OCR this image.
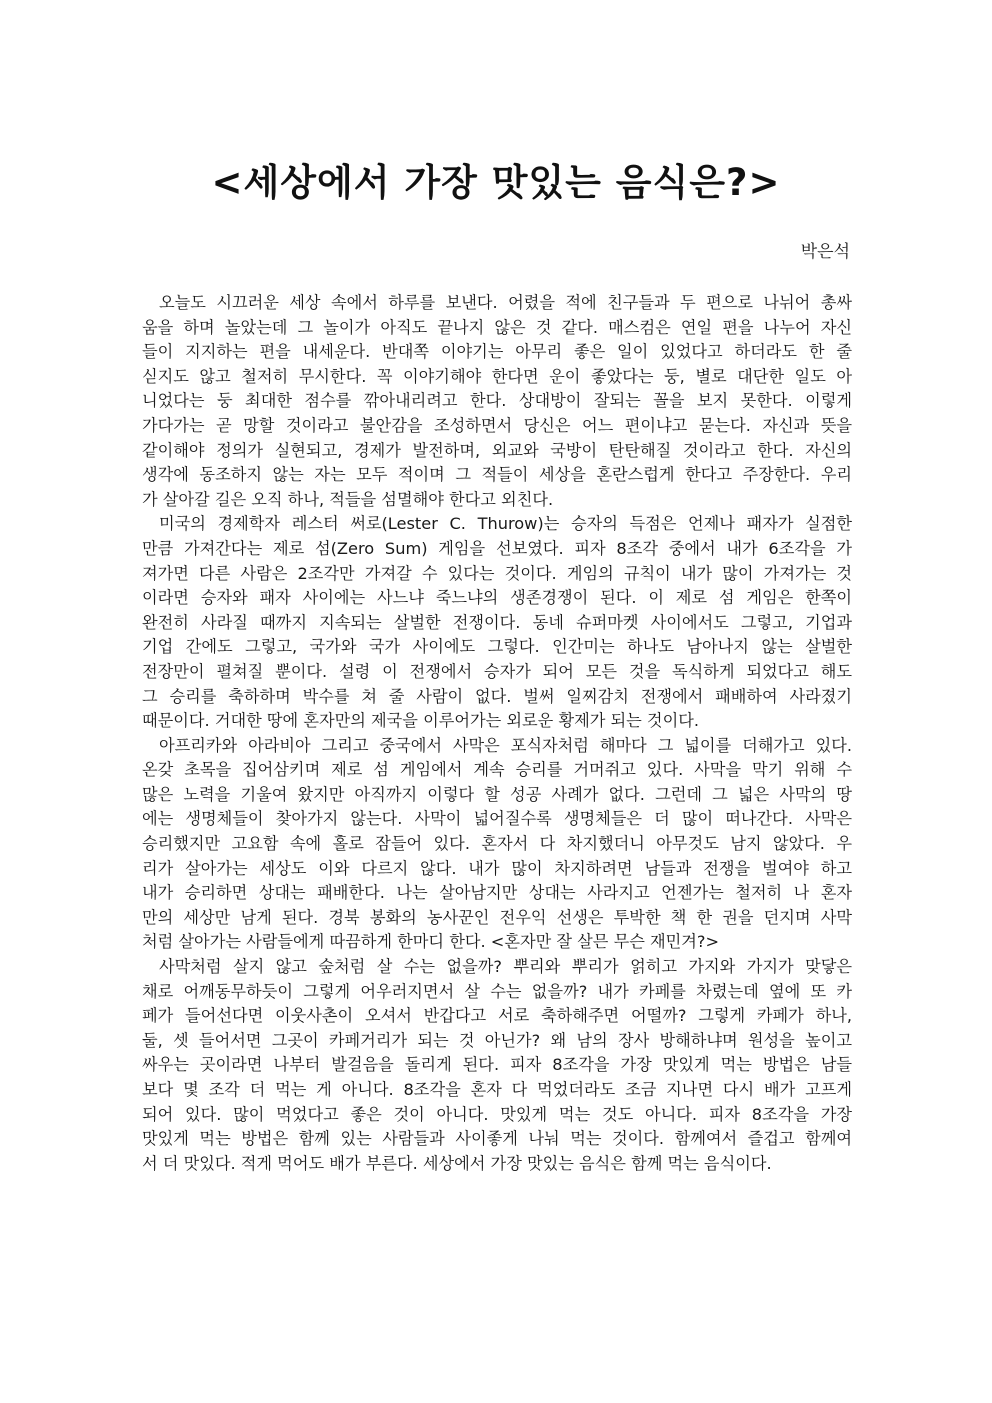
<세상에서 가장 맛있는 음식은?>
박은석
오늘도 시끄러운 세상 속에서 하루를 보낸다. 어렸을 적에 친구들과 두 편으로 나뉘어 총싸
움을 하며 놀았는데 그 놀이가 아직도 끝나지 않은 것 같다. 매스컴은 연일 편을 나누어 자신
들이 지지하는 편을 내세운다. 반대쪽 이야기는 아무리 좋은 일이 있었다고 하더라도 한 줄
싣지도 않고 철저히 무시한다. 꼭 이야기해야 한다면 운이 좋았다는 둥, 별로 대단한 일도 아
니었다는 둥 최대한 점수를 깎아내리려고 한다. 상대방이 잘되는 꼴을 보지 못한다. 이렇게
가다가는 곧 망할 것이라고 불안감을 조성하면서 당신은 어느 편이냐고 묻는다. 자신과 뜻을
같이해야 정의가 실현되고, 경제가 발전하며, 외교와 국방이 탄탄해질 것이라고 한다. 자신의
생각에 동조하지 않는 자는 모두 적이며 그 적들이 세상을 혼란스럽게 한다고 주장한다. 우리
가 살아갈 길은 오직 하나, 적들을 섬멸해야 한다고 외친다.
미국의 경제학자 레스터 써로(Lester C. Thurow)는 승자의 득점은 언제나 패자가 실점한
만큼 가져간다는 제로 섬(Zero Sum) 게임을 선보였다. 피자 8조각 중에서 내가 6조각을 가
져가면 다른 사람은 2조각만 가져갈 수 있다는 것이다. 게임의 규칙이 내가 많이 가져가는 것
이라면 승자와 패자 사이에는 사느냐 죽느냐의 생존경쟁이 된다. 이 제로 섬 게임은 한쪽이
완전히 사라질 때까지 지속되는 살벌한 전쟁이다. 동네 슈퍼마켓 사이에서도 그렇고, 기업과
기업 간에도 그렇고, 국가와 국가 사이에도 그렇다. 인간미는 하나도 남아나지 않는 살벌한
전장만이 펼쳐질 뿐이다. 설령 이 전쟁에서 승자가 되어 모든 것을 독식하게 되었다고 해도
그 승리를 축하하며 박수를 쳐 줄 사람이 없다. 벌써 일찌감치 전쟁에서 패배하여 사라졌기
때문이다. 거대한 땅에 혼자만의 제국을 이루어가는 외로운 황제가 되는 것이다.
아프리카와 아라비아 그리고 중국에서 사막은 포식자처럼 해마다 그 넓이를 더해가고 있다.
온갖 초목을 집어삼키며 제로 섬 게임에서 계속 승리를 거머쥐고 있다. 사막을 막기 위해 수
많은 노력을 기울여 왔지만 아직까지 이렇다 할 성공 사례가 없다. 그런데 그 넓은 사막의 땅
에는 생명체들이 찾아가지 않는다. 사막이 넓어질수록 생명체들은 더 많이 떠나간다. 사막은
승리했지만 고요함 속에 홀로 잠들어 있다. 혼자서 다 차지했더니 아무것도 남지 않았다. 우
리가 살아가는 세상도 이와 다르지 않다. 내가 많이 차지하려면 남들과 전쟁을 벌여야 하고
내가 승리하면 상대는 패배한다. 나는 살아남지만 상대는 사라지고 언젠가는 철저히 나 혼자
만의 세상만 남게 된다. 경북 봉화의 농사꾼인 전우익 선생은 투박한 책 한 권을 던지며 사막
처럼 살아가는 사람들에게 따끔하게 한마디 한다. <혼자만 잘 살믄 무슨 재민겨?>
사막처럼 살지 않고 숲처럼 살 수는 없을까? 뿌리와 뿌리가 얽히고 가지와 가지가 맞닿은
채로 어깨동무하듯이 그렇게 어우러지면서 살 수는 없을까? 내가 카페를 차렸는데 옆에 또 카
페가 들어선다면 이웃사촌이 오셔서 반갑다고 서로 축하해주면 어떨까? 그렇게 카페가 하나,
둘, 셋 들어서면 그곳이 카페거리가 되는 것 아닌가? 왜 남의 장사 방해하냐며 원성을 높이고
싸우는 곳이라면 나부터 발걸음을 돌리게 된다. 피자 8조각을 가장 맛있게 먹는 방법은 남들
보다 몇 조각 더 먹는 게 아니다. 8조각을 혼자 다 먹었더라도 조금 지나면 다시 배가 고프게
되어 있다. 많이 먹었다고 좋은 것이 아니다. 맛있게 먹는 것도 아니다. 피자 8조각을 가장
맛있게 먹는 방법은 함께 있는 사람들과 사이좋게 나눠 먹는 것이다. 함께여서 즐겁고 함께여
서 더 맛있다. 적게 먹어도 배가 부른다. 세상에서 가장 맛있는 음식은 함께 먹는 음식이다.
